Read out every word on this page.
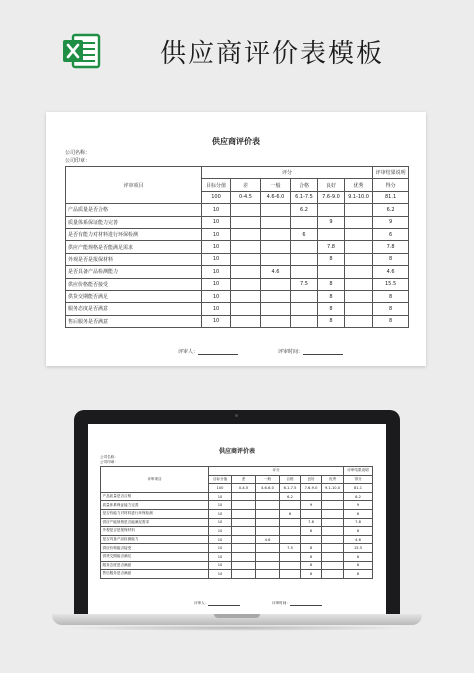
供应商评价表模板
供应商评价表
公司名称：
公司印章：
评审项目	评分						评审结果说明
	目标分值	差	一般	合格	良好	优秀	得分
	100	0-4.5	4.6-6.0	6.1-7.5	7.6-9.0	9.1-10.0	81.1
产品质量是否合格	10			6.2			6.2
质量体系保证能力完善	10				9		9
是否有能力对材料进行环保检测	10			6			6
供应产能规格是否能满足需求	10				7.8		7.8
外观是否是报保材料	10				8		8
是否具备产品检测能力	10		4.6				4.6
供应价格能否接受	10			7.5	8		15.5
供货交期能否满足	10				8		8
服务态度是否满意	10				8		8
售后服务是否满意	10				8		8
评审人：	评审时间：
供应商评价表
公司名称：
公司印章：
评审项目	评分						评审结果说明
	目标分值	差	一般	合格	良好	优秀	得分
	100	0-4.5	4.6-6.0	6.1-7.5	7.6-9.0	9.1-10.0	81.1
产品质量是否合格	10			6.2			6.2
质量体系保证能力完善	10				9		9
是否有能力对材料进行环保检测	10			6			6
供应产能规格是否能满足需求	10				7.8		7.8
外观是否是报保材料	10				8		8
是否具备产品检测能力	10		4.6				4.6
供应价格能否接受	10			7.5	8		15.5
供货交期能否满足	10				8		8
服务态度是否满意	10				8		8
售后服务是否满意	10				8		8
评审人：	评审时间：
